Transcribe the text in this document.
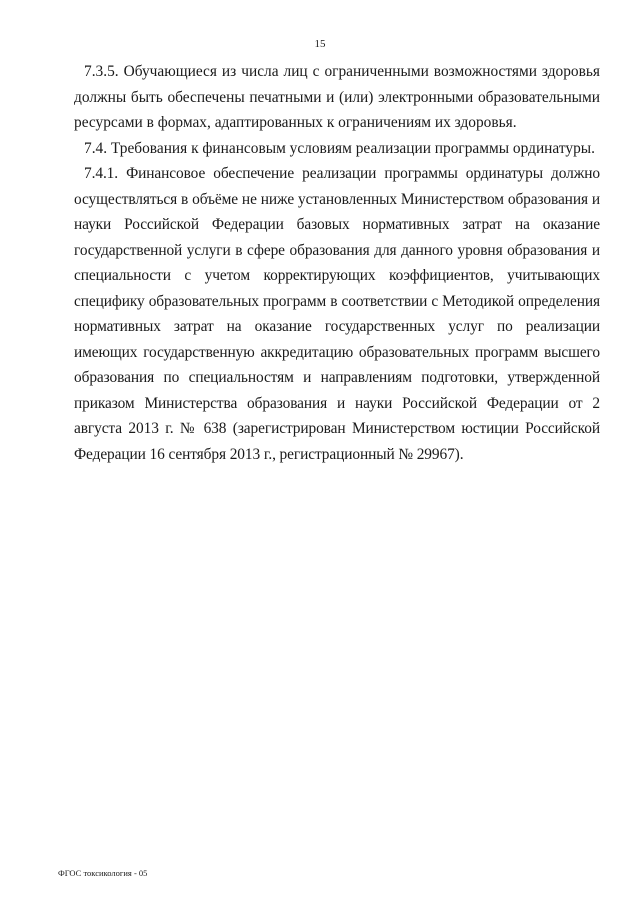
15

7.3.5. Обучающиеся из числа лиц с ограниченными возможностями здоровья должны быть обеспечены печатными и (или) электронными образовательными ресурсами в формах, адаптированных к ограничениям их здоровья.

7.4. Требования к финансовым условиям реализации программы ординатуры.

7.4.1. Финансовое обеспечение реализации программы ординатуры должно осуществляться в объёме не ниже установленных Министерством образования и науки Российской Федерации базовых нормативных затрат на оказание государственной услуги в сфере образования для данного уровня образования и специальности с учетом корректирующих коэффициентов, учитывающих специфику образовательных программ в соответствии с Методикой определения нормативных затрат на оказание государственных услуг по реализации имеющих государственную аккредитацию образовательных программ высшего образования по специальностям и направлениям подготовки, утвержденной приказом Министерства образования и науки Российской Федерации от 2 августа 2013 г. № 638 (зарегистрирован Министерством юстиции Российской Федерации 16 сентября 2013 г., регистрационный № 29967).

ФГОС токсикология - 05
